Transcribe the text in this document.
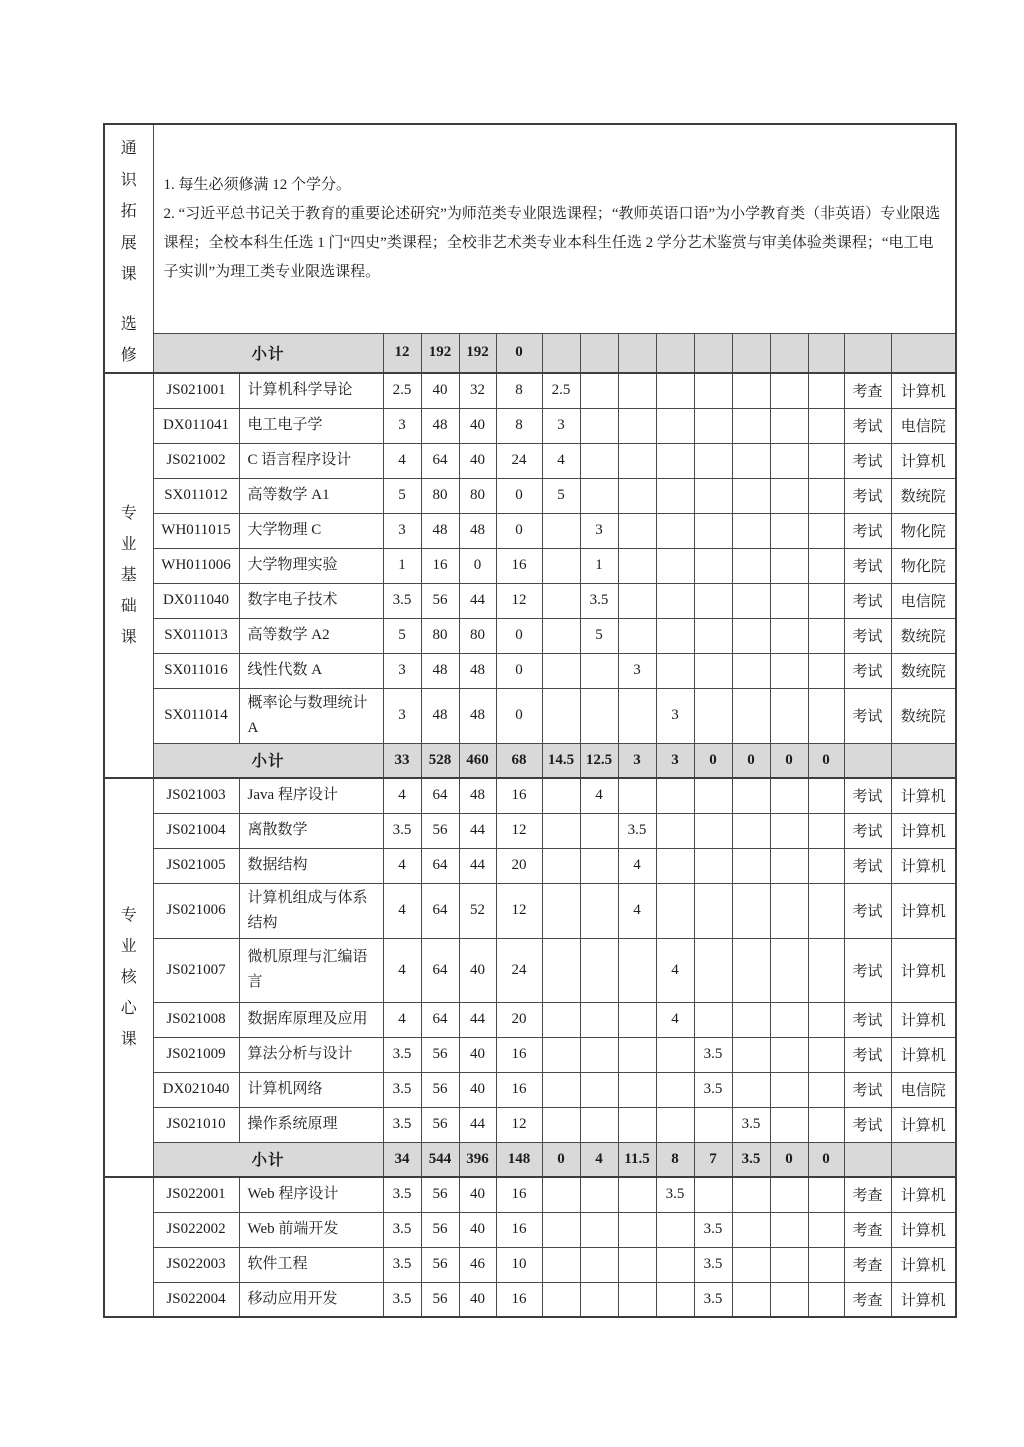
通
识
拓
展
课
选
修

1. 每生必须修满 12 个学分。

2. “习近平总书记关于教育的重要论述研究”为师范类专业限选课程；“教师英语口语”为小学教育类（非英语）专业限选课程；全校本科生任选 1 门“四史”类课程；全校非艺术类专业本科生任选 2 学分艺术鉴赏与审美体验类课程；“电工电子实训”为理工类专业限选课程。

	小计		12	192	192	0										

专
业
基
础
课	JS021001	计算机科学导论	2.5	40	32	8	2.5								考查	计算机
	DX011041	电工电子学	3	48	40	8	3								考试	电信院
	JS021002	C 语言程序设计	4	64	40	24	4								考试	计算机
	SX011012	高等数学 A1	5	80	80	0	5								考试	数统院
	WH011015	大学物理 C	3	48	48	0		3							考试	物化院
	WH011006	大学物理实验	1	16	0	16		1							考试	物化院
	DX011040	数字电子技术	3.5	56	44	12		3.5							考试	电信院
	SX011013	高等数学 A2	5	80	80	0		5							考试	数统院
	SX011016	线性代数 A	3	48	48	0			3						考试	数统院
	SX011014	概率论与数理统计A	3	48	48	0				3					考试	数统院
	小计		33	528	460	68	14.5	12.5	3	3	0	0	0	0		

专
业
核
心
课	JS021003	Java 程序设计	4	64	48	16		4							考试	计算机
	JS021004	离散数学	3.5	56	44	12			3.5						考试	计算机
	JS021005	数据结构	4	64	44	20			4						考试	计算机
	JS021006	计算机组成与体系结构	4	64	52	12			4						考试	计算机
	JS021007	微机原理与汇编语言	4	64	40	24				4					考试	计算机
	JS021008	数据库原理及应用	4	64	44	20				4					考试	计算机
	JS021009	算法分析与设计	3.5	56	40	16					3.5				考试	计算机
	DX021040	计算机网络	3.5	56	40	16					3.5				考试	电信院
	JS021010	操作系统原理	3.5	56	44	12						3.5			考试	计算机
	小计		34	544	396	148	0	4	11.5	8	7	3.5	0	0		

	JS022001	Web 程序设计	3.5	56	40	16				3.5					考查	计算机
	JS022002	Web 前端开发	3.5	56	40	16					3.5				考查	计算机
	JS022003	软件工程	3.5	56	46	10					3.5				考查	计算机
	JS022004	移动应用开发	3.5	56	40	16					3.5				考查	计算机
